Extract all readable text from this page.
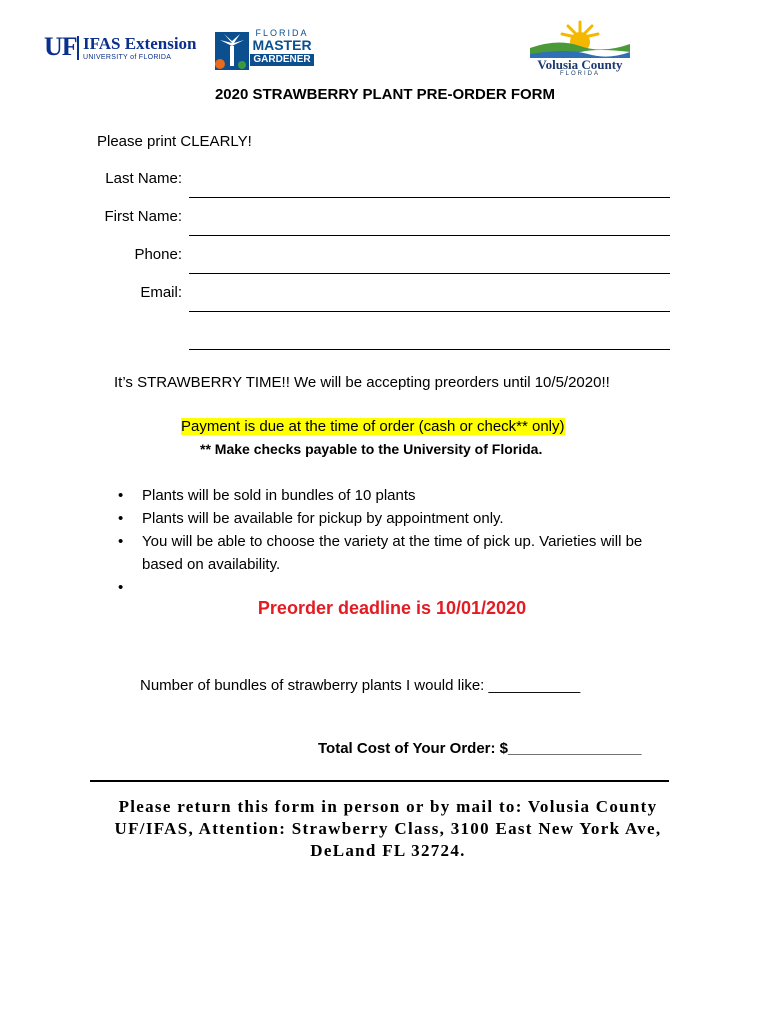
UF IFAS Extension
UNIVERSITY of FLORIDA
FLORIDA
MASTER
GARDENER	Volusia County
FLORIDA
2020 STRAWBERRY PLANT PRE-ORDER FORM
Please print CLEARLY!
Last Name:
First Name:
Phone:
Email:
It’s STRAWBERRY TIME!! We will be accepting preorders until 10/5/2020!!
Payment is due at the time of order (cash or check** only)
** Make checks payable to the University of Florida.
• Plants will be sold in bundles of 10 plants
• Plants will be available for pickup by appointment only.
• You will be able to choose the variety at the time of pick up. Varieties will be based on availability.
•
Preorder deadline is 10/01/2020
Number of bundles of strawberry plants I would like: ___________
Total Cost of Your Order: $________________
Please return this form in person or by mail to: Volusia County UF/IFAS, Attention: Strawberry Class, 3100 East New York Ave, DeLand FL 32724.
